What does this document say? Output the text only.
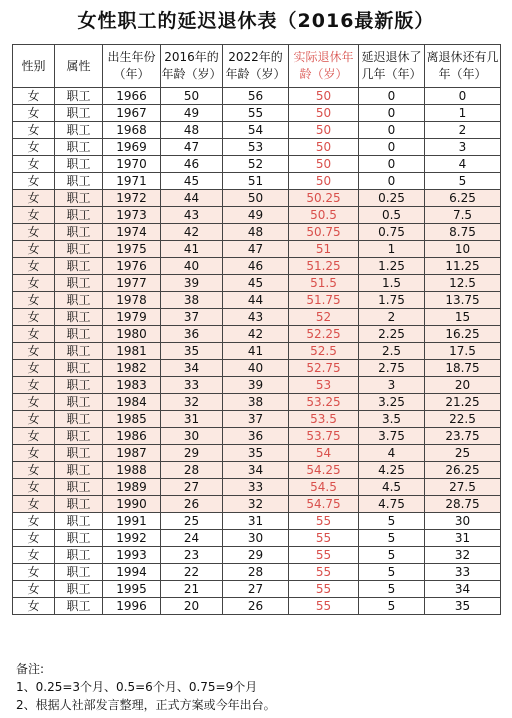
女性职工的延迟退休表（2016最新版）
性别	属性	出生年份（年）	2016年的年龄（岁）	2022年的年龄（岁）	实际退休年龄（岁）	延迟退休了几年（年）	离退休还有几年（年）
女	职工	1966	50	56	50	0	0
女	职工	1967	49	55	50	0	1
女	职工	1968	48	54	50	0	2
女	职工	1969	47	53	50	0	3
女	职工	1970	46	52	50	0	4
女	职工	1971	45	51	50	0	5
女	职工	1972	44	50	50.25	0.25	6.25
女	职工	1973	43	49	50.5	0.5	7.5
女	职工	1974	42	48	50.75	0.75	8.75
女	职工	1975	41	47	51	1	10
女	职工	1976	40	46	51.25	1.25	11.25
女	职工	1977	39	45	51.5	1.5	12.5
女	职工	1978	38	44	51.75	1.75	13.75
女	职工	1979	37	43	52	2	15
女	职工	1980	36	42	52.25	2.25	16.25
女	职工	1981	35	41	52.5	2.5	17.5
女	职工	1982	34	40	52.75	2.75	18.75
女	职工	1983	33	39	53	3	20
女	职工	1984	32	38	53.25	3.25	21.25
女	职工	1985	31	37	53.5	3.5	22.5
女	职工	1986	30	36	53.75	3.75	23.75
女	职工	1987	29	35	54	4	25
女	职工	1988	28	34	54.25	4.25	26.25
女	职工	1989	27	33	54.5	4.5	27.5
女	职工	1990	26	32	54.75	4.75	28.75
女	职工	1991	25	31	55	5	30
女	职工	1992	24	30	55	5	31
女	职工	1993	23	29	55	5	32
女	职工	1994	22	28	55	5	33
女	职工	1995	21	27	55	5	34
女	职工	1996	20	26	55	5	35
备注:
1、0.25=3个月、0.5=6个月、0.75=9个月
2、根据人社部发言整理，正式方案或今年出台。
